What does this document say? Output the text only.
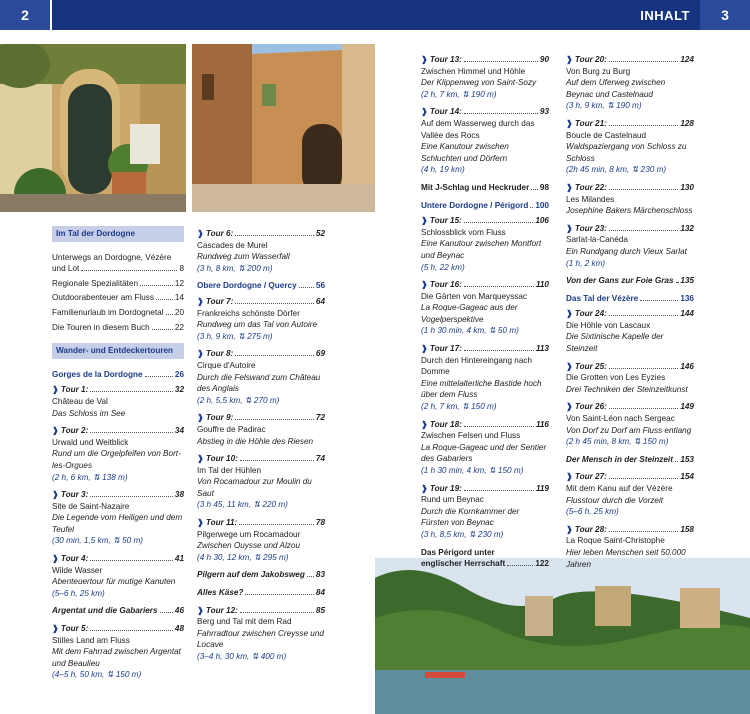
2	3
INHALT
Im Tal der Dordogne
Unterwegs an Dordogne, Vézère
und Lot	8
Regionale Spezialitäten	12
Outdoorabenteuer am Fluss	14
Familienurlaub im Dordognetal 20
Die Touren in diesem Buch	22
Wander- und Entdeckertouren
Gorges de la Dordogne	26
❱ Tour 1:	32
Château de Val
Das Schloss im See
❱ Tour 2:	34
Urwald und Weitblick
Rund um die Orgelpfeifen von Bort-les-Orgues
(2 h, 6 km, ⇅ 138 m)
❱ Tour 3:	38
Site de Saint-Nazaire
Die Legende vom Heiligen und dem Teufel
(30 min, 1,5 km, ⇅ 50 m)
❱ Tour 4:	41
Wilde Wasser
Abenteuertour für mutige Kanuten
(5–6 h, 25 km)
Argentat und die Gabariers 46
❱ Tour 5:	48
Stilles Land am Fluss
Mit dem Fahrrad zwischen Argentat und Beaulieu
(4–5 h, 50 km, ⇅ 150 m)
❱ Tour 6:	52
Cascades de Murel
Rundweg zum Wasserfall
(3 h, 8 km, ⇅ 200 m)
Obere Dordogne / Quercy 56
❱ Tour 7:	64
Frankreichs schönste Dörfer
Rundweg um das Tal von Autoire
(3 h, 9 km, ⇅ 275 m)
❱ Tour 8:	69
Cirque d'Autoire
Durch die Felswand zum Château des Anglais
(2 h, 5,5 km, ⇅ 270 m)
❱ Tour 9:	72
Gouffre de Padirac
Abstieg in die Höhle des Riesen
❱ Tour 10:	74
Im Tal der Hühlen
Von Rocamadour zur Moulin du Saut
(3 h 45, 11 km, ⇅ 220 m)
❱ Tour 11:	78
Pilgerwege um Rocamadour
Zwischen Ouysse und Alzou
(4 h 30, 12 km, ⇅ 295 m)
Pilgern auf dem Jakobsweg 83
Alles Käse?	84
❱ Tour 12:	85
Berg und Tal mit dem Rad
Fahrradtour zwischen Creysse und Locave
(3–4 h, 30 km, ⇅ 400 m)
❱ Tour 13:	90
Zwischen Himmel und Höhle
Der Klippenweg von Saint-Sozy
(2 h, 7 km, ⇅ 190 m)
❱ Tour 14:	93
Auf dem Wasserweg durch das Vallée des Rocs
Eine Kanutour zwischen Schluchten und Dörfern
(4 h, 19 km)
Mit J-Schlag und Heckruder 98
Untere Dordogne / Périgord 100
❱ Tour 15:	106
Schlossblick vom Fluss
Eine Kanutour zwischen Montfort und Beynac
(5 h, 22 km)
❱ Tour 16:	110
Die Gärten von Marqueyssac
La Roque-Gageac aus der Vogelperspektive
(1 h 30 min, 4 km, ⇅ 50 m)
❱ Tour 17:	113
Durch den Hintereingang nach Domme
Eine mittelalterliche Bastide hoch über dem Fluss
(2 h, 7 km, ⇅ 150 m)
❱ Tour 18:	116
Zwischen Felsen und Fluss
La Roque-Gageac und der Sentier des Gabariers
(1 h 30 min, 4 km, ⇅ 150 m)
❱ Tour 19:	119
Rund um Beynac
Durch die Kornkammer der Fürsten von Beynac
(3 h, 8,5 km, ⇅ 230 m)
Das Périgord unter
englischer Herrschaft	122
❱ Tour 20:	124
Von Burg zu Burg
Auf dem Uferweg zwischen Beynac und Castelnaud
(3 h, 9 km, ⇅ 190 m)
❱ Tour 21:	128
Boucle de Castelnaud
Waldspaziergang von Schloss zu Schloss
(2h 45 min, 8 km, ⇅ 230 m)
❱ Tour 22:	130
Les Milandes
Josephine Bakers Märchenschloss
❱ Tour 23:	132
Sarlat-la-Canéda
Ein Rundgang durch Vieux Sarlat
(1 h, 2 km)
Von der Gans zur Foie Gras 135
Das Tal der Vézère	136
❱ Tour 24:	144
Die Höhle von Lascaux
Die Sixtinische Kapelle der Steinzeit
❱ Tour 25:	146
Die Grotten von Les Eyzies
Drei Techniken der Steinzeitkunst
❱ Tour 26:	149
Von Saint-Léon nach Sergeac
Von Dorf zu Dorf am Fluss entlang
(2 h 45 min, 8 km, ⇅ 150 m)
Der Mensch in der Steinzeit 153
❱ Tour 27:	154
Mit dem Kanu auf der Vézère
Flusstour durch die Vorzeit
(5–6 h, 25 km)
❱ Tour 28:	158
La Roque Saint-Christophe
Hier leben Menschen seit 50.000 Jahren
